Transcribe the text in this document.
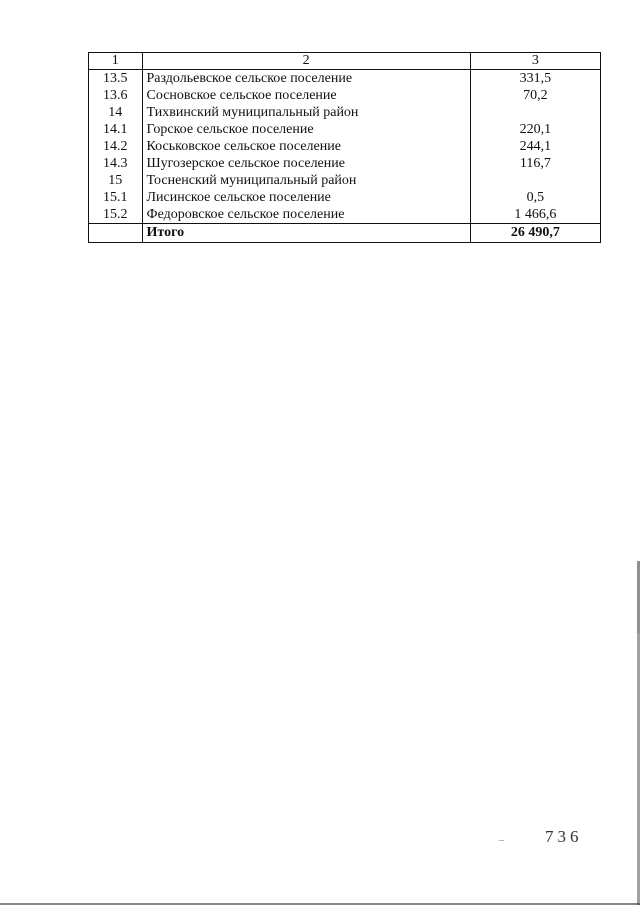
1	2	3
13.5	Раздольевское сельское поселение	331,5
13.6	Сосновское сельское поселение	70,2
14	Тихвинский муниципальный район	
14.1	Горское сельское поселение	220,1
14.2	Коськовское сельское поселение	244,1
14.3	Шугозерское сельское поселение	116,7
15	Тосненский муниципальный район	
15.1	Лисинское сельское поселение	0,5
15.2	Федоровское сельское поселение	1 466,6
	Итого	26 490,7
– 736
